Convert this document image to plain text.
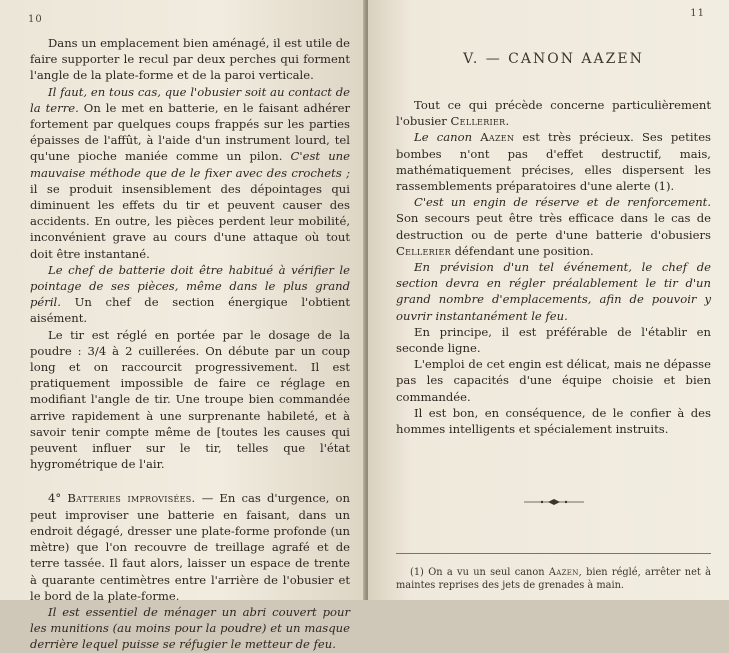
10

Dans un emplacement bien aménagé, il est utile de faire supporter le recul par deux perches qui forment l'angle de la plate-forme et de la paroi verticale.

Il faut, en tous cas, que l'obusier soit au contact de la terre. On le met en batterie, en le faisant adhérer fortement par quelques coups frappés sur les parties épaisses de l'affût, à l'aide d'un instrument lourd, tel qu'une pioche maniée comme un pilon. C'est une mauvaise méthode que de le fixer avec des crochets ; il se produit insensiblement des dépointages qui diminuent les effets du tir et peuvent causer des accidents. En outre, les pièces perdent leur mobilité, inconvénient grave au cours d'une attaque où tout doit être instantané.

Le chef de batterie doit être habitué à vérifier le pointage de ses pièces, même dans le plus grand péril. Un chef de section énergique l'obtient aisément.

Le tir est réglé en portée par le dosage de la poudre : 3/4 à 2 cuillerées. On débute par un coup long et on raccourcit progressivement. Il est pratiquement impossible de faire ce réglage en modifiant l'angle de tir. Une troupe bien commandée arrive rapidement à une surprenante habileté, et à savoir tenir compte même de [toutes les causes qui peuvent influer sur le tir, telles que l'état hygrométrique de l'air.

4° Batteries improvisées. — En cas d'urgence, on peut improviser une batterie en faisant, dans un endroit dégagé, dresser une plate-forme profonde (un mètre) que l'on recouvre de treillage agrafé et de terre tassée. Il faut alors, laisser un espace de trente à quarante centimètres entre l'arrière de l'obusier et le bord de la plate-forme.

Il est essentiel de ménager un abri couvert pour les munitions (au moins pour la poudre) et un masque derrière lequel puisse se réfugier le metteur de feu.

11
V. — CANON AAZEN

Tout ce qui précède concerne particulièrement l'obusier Cellerier.

Le canon Aazen est très précieux. Ses petites bombes n'ont pas d'effet destructif, mais, mathématiquement précises, elles dispersent les rassemblements préparatoires d'une alerte (1).

C'est un engin de réserve et de renforcement. Son secours peut être très efficace dans le cas de destruction ou de perte d'une batterie d'obusiers Cellerier défendant une position.

En prévision d'un tel événement, le chef de section devra en régler préalablement le tir d'un grand nombre d'emplacements, afin de pouvoir y ouvrir instantanément le feu.

En principe, il est préférable de l'établir en seconde ligne.

L'emploi de cet engin est délicat, mais ne dépasse pas les capacités d'une équipe choisie et bien commandée.

Il est bon, en conséquence, de le confier à des hommes intelligents et spécialement instruits.

(1) On a vu un seul canon Aazen, bien réglé, arrêter net à maintes reprises des jets de grenades à main.
